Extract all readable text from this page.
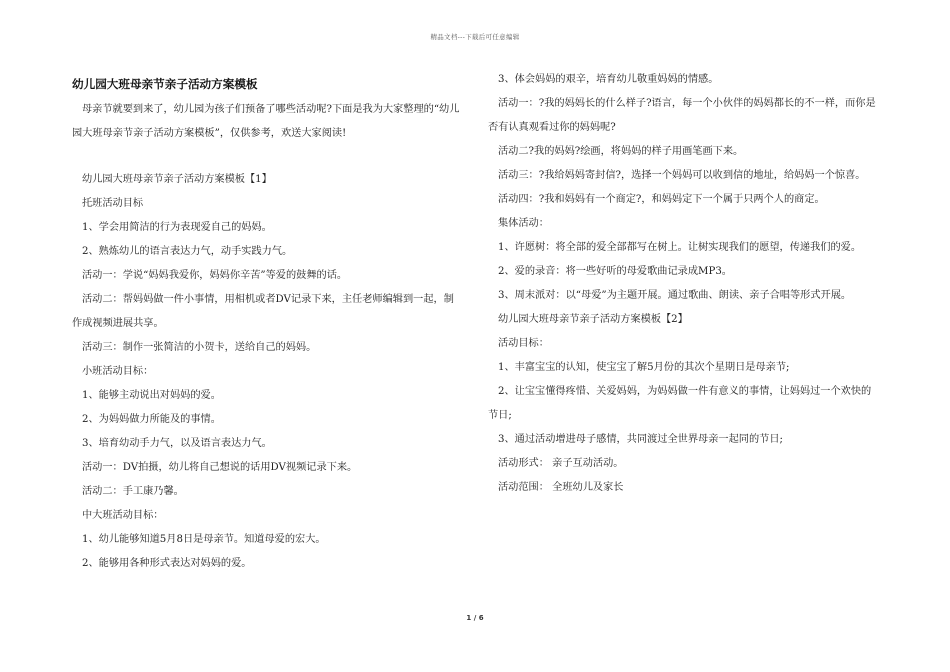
精品文档---下载后可任意编辑
幼儿园大班母亲节亲子活动方案模板

母亲节就要到来了，幼儿园为孩子们预备了哪些活动呢?下面是我为大家整理的“幼儿园大班母亲节亲子活动方案模板”，仅供参考，欢送大家阅读!

幼儿园大班母亲节亲子活动方案模板【1】

托班活动目标

1、学会用简洁的行为表现爱自己的妈妈。

2、熟炼幼儿的语言表达力气，动手实践力气。

活动一：学说“妈妈我爱你，妈妈你辛苦”等爱的鼓舞的话。

活动二：帮妈妈做一件小事情，用相机或者DV记录下来，主任老师编辑到一起，制作成视频进展共享。

活动三：制作一张简洁的小贺卡，送给自己的妈妈。

小班活动目标：

1、能够主动说出对妈妈的爱。

2、为妈妈做力所能及的事情。

3、培育幼动手力气，以及语言表达力气。

活动一：DV拍摄，幼儿将自己想说的话用DV视频记录下来。

活动二：手工康乃馨。

中大班活动目标：

1、幼儿能够知道5月8日是母亲节。知道母爱的宏大。

2、能够用各种形式表达对妈妈的爱。

3、体会妈妈的艰辛，培育幼儿敬重妈妈的情感。

活动一：?我的妈妈长的什么样子?语言，每一个小伙伴的妈妈都长的不一样，而你是否有认真观看过你的妈妈呢?

活动二?我的妈妈?绘画，将妈妈的样子用画笔画下来。

活动三：?我给妈妈寄封信?，选择一个妈妈可以收到信的地址，给妈妈一个惊喜。

活动四：?我和妈妈有一个商定?，和妈妈定下一个属于只两个人的商定。

集体活动：

1、许愿树：将全部的爱全部都写在树上。让树实现我们的愿望，传递我们的爱。

2、爱的录音：将一些好听的母爱歌曲记录成MP3。

3、周末派对：以“母爱”为主题开展。通过歌曲、朗读、亲子合唱等形式开展。

幼儿园大班母亲节亲子活动方案模板【2】

活动目标：

1、丰富宝宝的认知，使宝宝了解5月份的其次个星期日是母亲节;

2、让宝宝懂得疼惜、关爱妈妈，为妈妈做一件有意义的事情，让妈妈过一个欢快的节日;

3、通过活动增进母子感情，共同渡过全世界母亲一起同的节日;

活动形式： 亲子互动活动。

活动范围： 全班幼儿及家长

1 / 6
